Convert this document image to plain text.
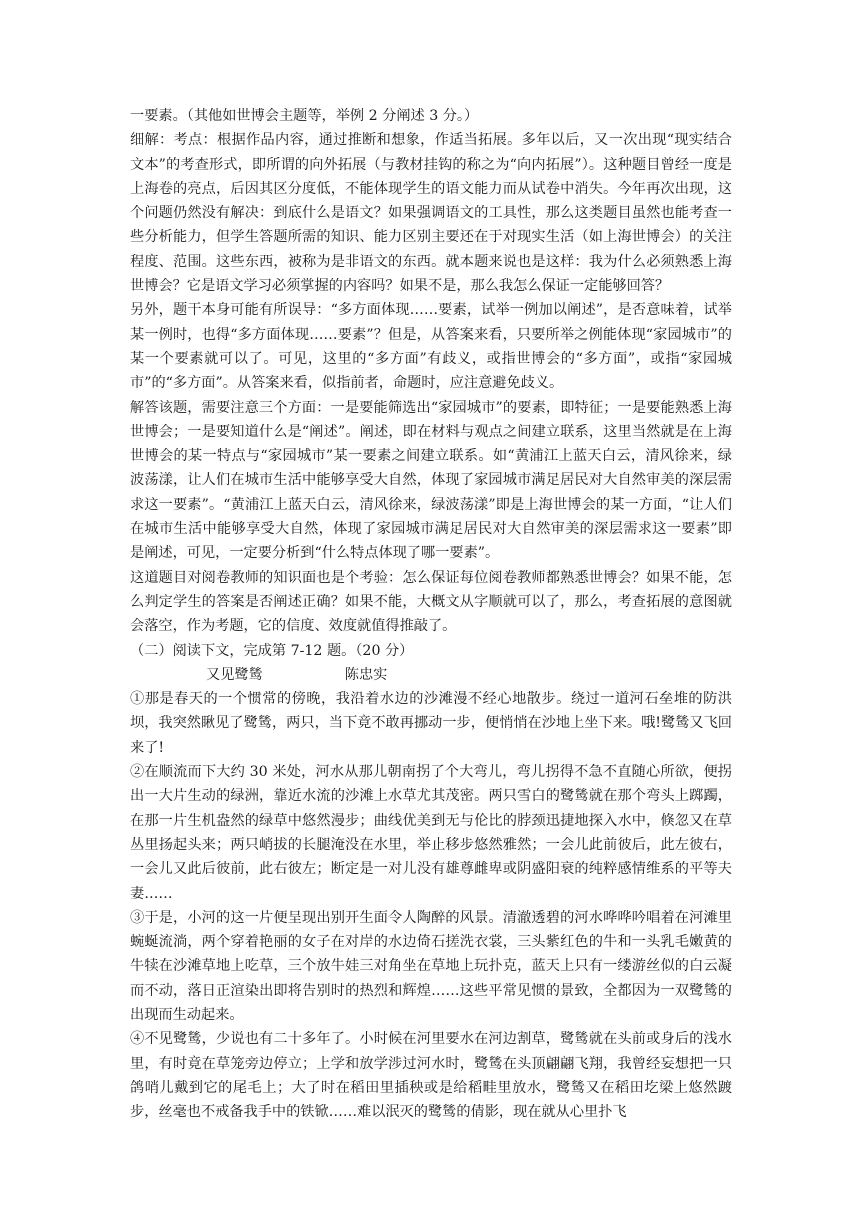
一要素。（其他如世博会主题等，举例 2 分阐述 3 分。）

细解：考点：根据作品内容，通过推断和想象，作适当拓展。多年以后，又一次出现“现实结合文本”的考查形式，即所谓的向外拓展（与教材挂钩的称之为“向内拓展”）。这种题目曾经一度是上海卷的亮点，后因其区分度低，不能体现学生的语文能力而从试卷中消失。今年再次出现，这个问题仍然没有解决：到底什么是语文？如果强调语文的工具性，那么这类题目虽然也能考查一些分析能力，但学生答题所需的知识、能力区别主要还在于对现实生活（如上海世博会）的关注程度、范围。这些东西，被称为是非语文的东西。就本题来说也是这样：我为什么必须熟悉上海世博会？它是语文学习必须掌握的内容吗？如果不是，那么我怎么保证一定能够回答？

另外，题干本身可能有所误导：“多方面体现……要素，试举一例加以阐述”，是否意味着，试举某一例时，也得“多方面体现……要素”？但是，从答案来看，只要所举之例能体现“家园城市”的某一个要素就可以了。可见，这里的“多方面”有歧义，或指世博会的“多方面”，或指“家园城市”的“多方面”。从答案来看，似指前者，命题时，应注意避免歧义。

解答该题，需要注意三个方面：一是要能筛选出“家园城市”的要素，即特征；一是要能熟悉上海世博会；一是要知道什么是“阐述”。阐述，即在材料与观点之间建立联系，这里当然就是在上海世博会的某一特点与“家园城市”某一要素之间建立联系。如“黄浦江上蓝天白云，清风徐来，绿波荡漾，让人们在城市生活中能够享受大自然，体现了家园城市满足居民对大自然审美的深层需求这一要素”。“黄浦江上蓝天白云，清风徐来，绿波荡漾”即是上海世博会的某一方面，“让人们在城市生活中能够享受大自然，体现了家园城市满足居民对大自然审美的深层需求这一要素”即是阐述，可见，一定要分析到“什么特点体现了哪一要素”。

这道题目对阅卷教师的知识面也是个考验：怎么保证每位阅卷教师都熟悉世博会？如果不能，怎么判定学生的答案是否阐述正确？如果不能，大概文从字顺就可以了，那么，考查拓展的意图就会落空，作为考题，它的信度、效度就值得推敲了。

（二）阅读下文，完成第 7-12 题。（20 分）

又见鹭鸶	陈忠实

①那是春天的一个惯常的傍晚，我沿着水边的沙滩漫不经心地散步。绕过一道河石垒堆的防洪坝，我突然瞅见了鹭鸶，两只，当下竟不敢再挪动一步，便悄悄在沙地上坐下来。哦!鹭鸶又飞回来了!

②在顺流而下大约 30 米处，河水从那儿朝南拐了个大弯儿，弯儿拐得不急不直随心所欲，便拐出一大片生动的绿洲，靠近水流的沙滩上水草尤其茂密。两只雪白的鹭鸶就在那个弯头上踯躅，在那一片生机盎然的绿草中悠然漫步；曲线优美到无与伦比的脖颈迅捷地探入水中，倏忽又在草丛里扬起头来；两只峭拔的长腿淹没在水里，举止移步悠然雅然；一会儿此前彼后，此左彼右，一会儿又此后彼前，此右彼左；断定是一对儿没有雄尊雌卑或阴盛阳衰的纯粹感情维系的平等夫妻……

③于是，小河的这一片便呈现出别开生面令人陶醉的风景。清澈透碧的河水哗哗吟唱着在河滩里蜿蜒流淌，两个穿着艳丽的女子在对岸的水边倚石搓洗衣裳，三头紫红色的牛和一头乳毛嫩黄的牛犊在沙滩草地上吃草，三个放牛娃三对角坐在草地上玩扑克，蓝天上只有一缕游丝似的白云凝而不动，落日正渲染出即将告别时的热烈和辉煌……这些平常见惯的景致，全都因为一双鹭鸶的出现而生动起来。

④不见鹭鸶，少说也有二十多年了。小时候在河里要水在河边割草，鹭鸶就在头前或身后的浅水里，有时竟在草笼旁边停立；上学和放学涉过河水时，鹭鸶在头顶翩翩飞翔，我曾经妄想把一只鸽哨儿戴到它的尾毛上；大了时在稻田里插秧或是给稻畦里放水，鹭鸶又在稻田圪梁上悠然踱步，丝毫也不戒备我手中的铁锨……难以泯灭的鹭鸶的倩影，现在就从心里扑飞
